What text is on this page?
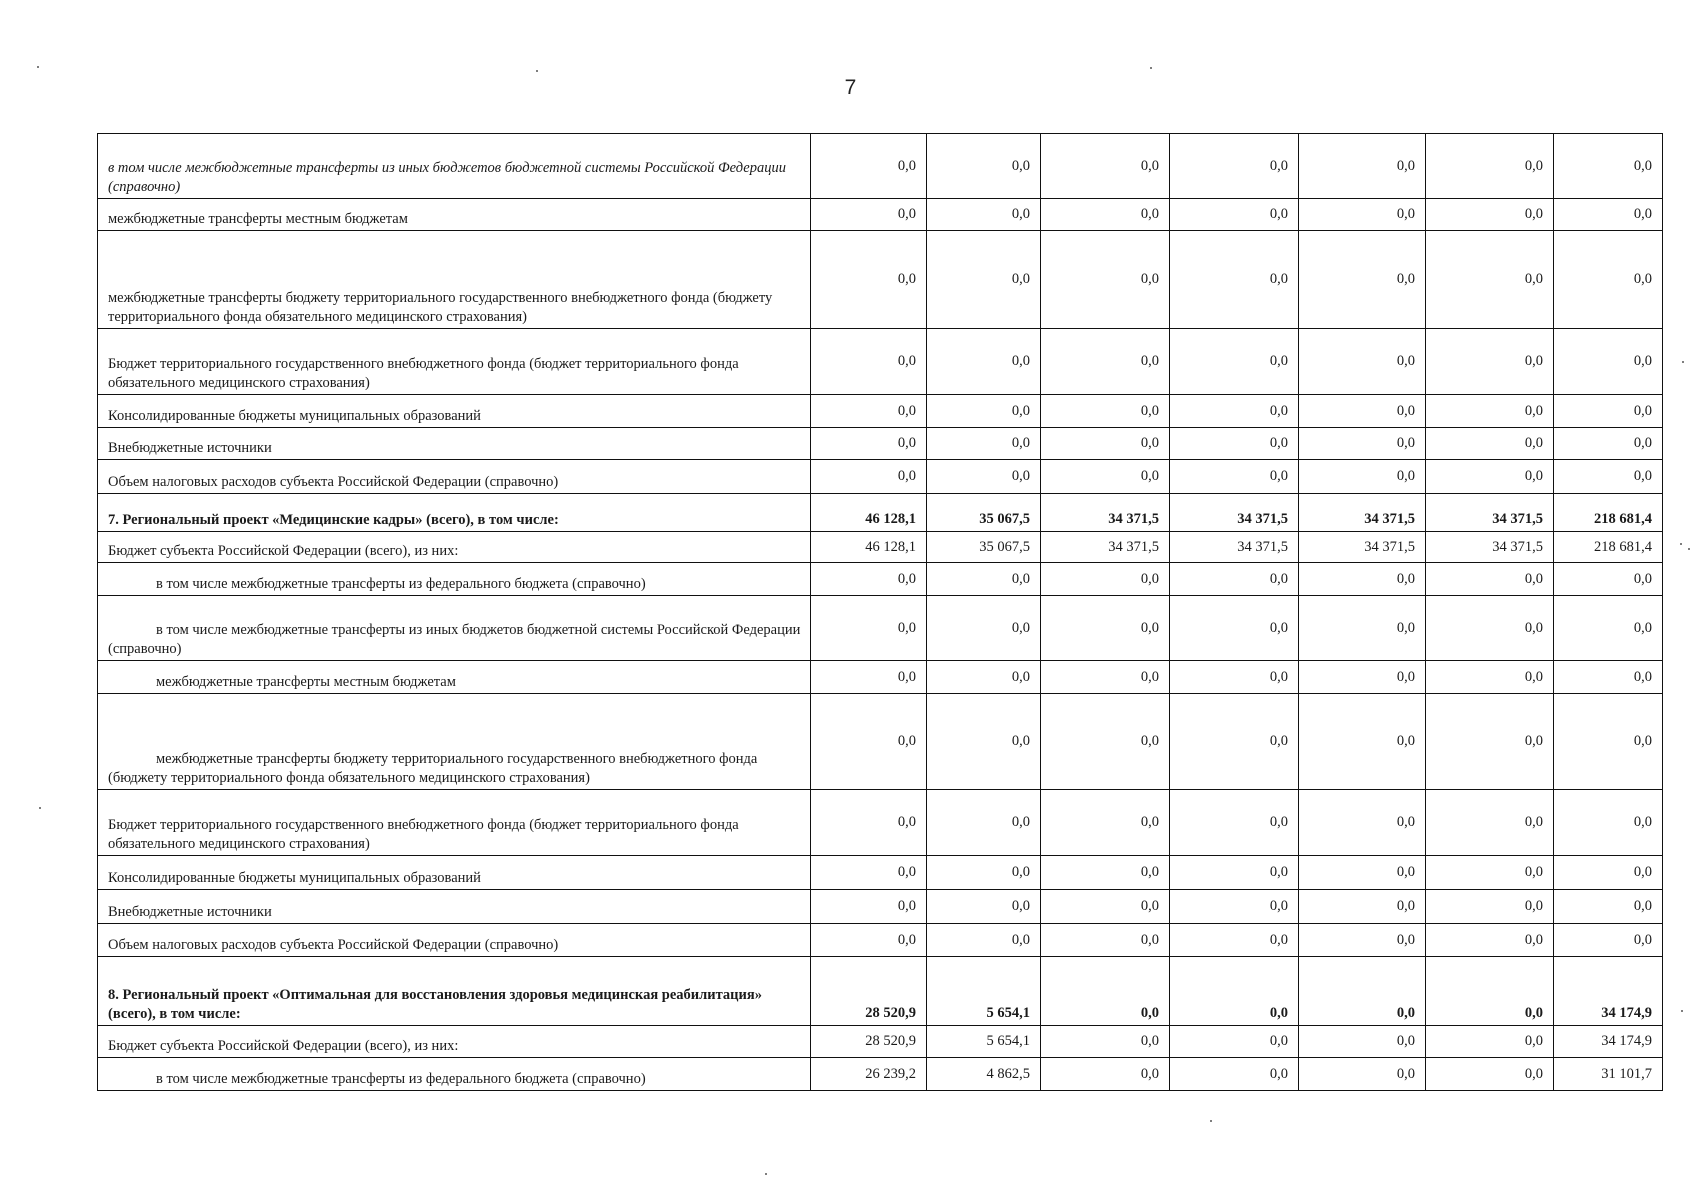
7
в том числе межбюджетные трансферты из иных бюджетов бюджетной системы Российской Федерации (справочно)	0,0	0,0	0,0	0,0	0,0	0,0	0,0
межбюджетные трансферты местным бюджетам	0,0	0,0	0,0	0,0	0,0	0,0	0,0
межбюджетные трансферты бюджету территориального государственного внебюджетного фонда (бюджету территориального фонда обязательного медицинского страхования)	0,0	0,0	0,0	0,0	0,0	0,0	0,0
Бюджет территориального государственного внебюджетного фонда (бюджет территориального фонда обязательного медицинского страхования)	0,0	0,0	0,0	0,0	0,0	0,0	0,0
Консолидированные бюджеты муниципальных образований	0,0	0,0	0,0	0,0	0,0	0,0	0,0
Внебюджетные источники	0,0	0,0	0,0	0,0	0,0	0,0	0,0
Объем налоговых расходов субъекта Российской Федерации (справочно)	0,0	0,0	0,0	0,0	0,0	0,0	0,0
7. Региональный проект «Медицинские кадры» (всего), в том числе:	46 128,1	35 067,5	34 371,5	34 371,5	34 371,5	34 371,5	218 681,4
Бюджет субъекта Российской Федерации (всего), из них:	46 128,1	35 067,5	34 371,5	34 371,5	34 371,5	34 371,5	218 681,4
в том числе межбюджетные трансферты из федерального бюджета (справочно)	0,0	0,0	0,0	0,0	0,0	0,0	0,0
в том числе межбюджетные трансферты из иных бюджетов бюджетной системы Российской Федерации (справочно)	0,0	0,0	0,0	0,0	0,0	0,0	0,0
межбюджетные трансферты местным бюджетам	0,0	0,0	0,0	0,0	0,0	0,0	0,0
межбюджетные трансферты бюджету территориального государственного внебюджетного фонда (бюджету территориального фонда обязательного медицинского страхования)	0,0	0,0	0,0	0,0	0,0	0,0	0,0
Бюджет территориального государственного внебюджетного фонда (бюджет территориального фонда обязательного медицинского страхования)	0,0	0,0	0,0	0,0	0,0	0,0	0,0
Консолидированные бюджеты муниципальных образований	0,0	0,0	0,0	0,0	0,0	0,0	0,0
Внебюджетные источники	0,0	0,0	0,0	0,0	0,0	0,0	0,0
Объем налоговых расходов субъекта Российской Федерации (справочно)	0,0	0,0	0,0	0,0	0,0	0,0	0,0
8. Региональный проект «Оптимальная для восстановления здоровья медицинская реабилитация» (всего), в том числе:	28 520,9	5 654,1	0,0	0,0	0,0	0,0	34 174,9
Бюджет субъекта Российской Федерации (всего), из них:	28 520,9	5 654,1	0,0	0,0	0,0	0,0	34 174,9
в том числе межбюджетные трансферты из федерального бюджета (справочно)	26 239,2	4 862,5	0,0	0,0	0,0	0,0	31 101,7
